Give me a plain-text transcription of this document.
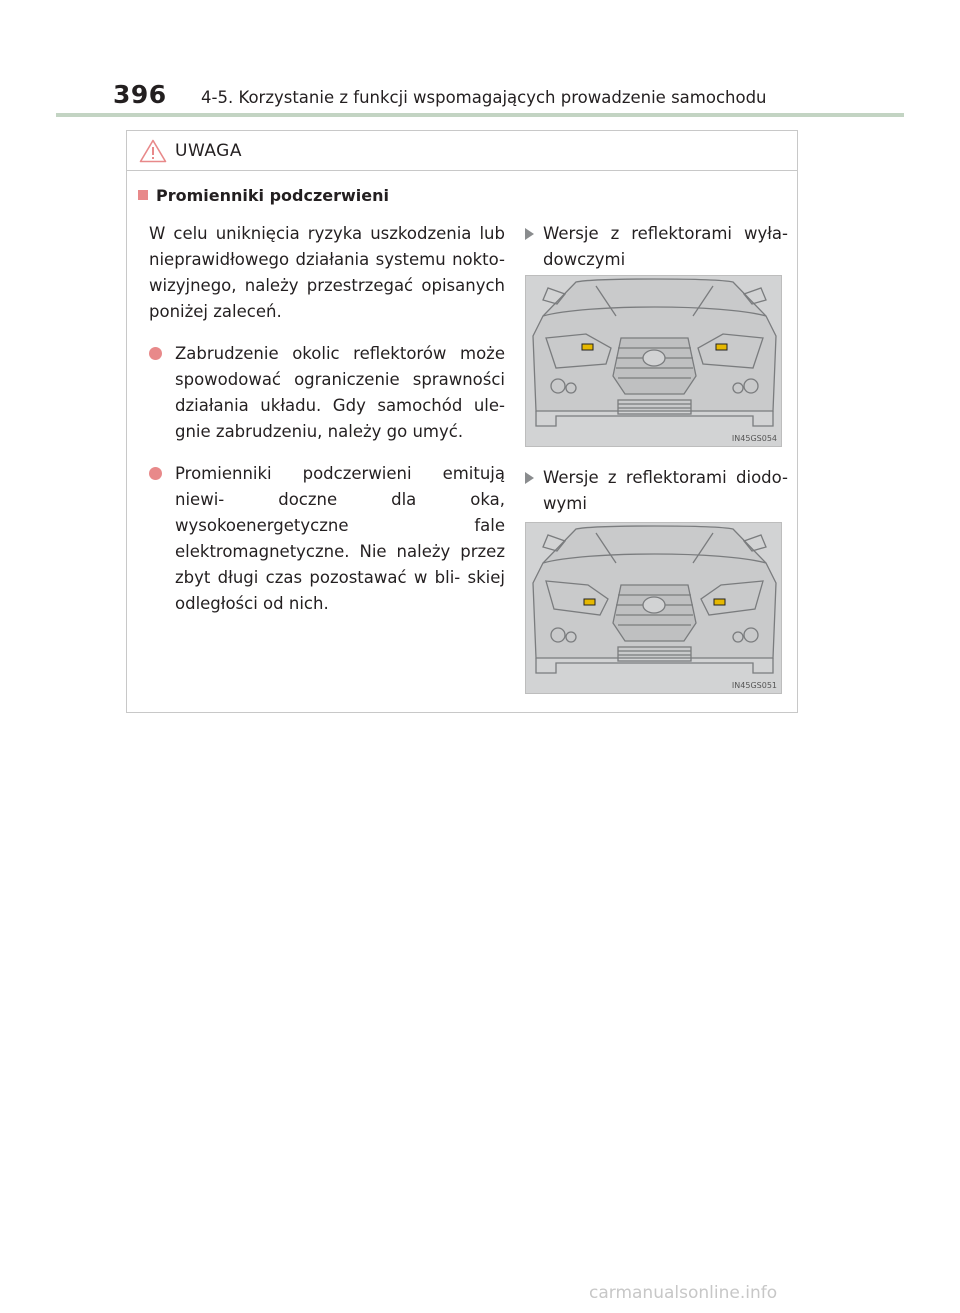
396 4-5. Korzystanie z funkcji wspomagających prowadzenie samochodu
UWAGA
Promienniki podczerwieni

W celu uniknięcia ryzyka uszkodzenia lub nieprawidłowego działania systemu nokto- wizyjnego, należy przestrzegać opisanych poniżej zaleceń.

Zabrudzenie okolic reflektorów może spowodować ograniczenie sprawności działania układu. Gdy samochód ule- gnie zabrudzeniu, należy go umyć.

Promienniki podczerwieni emitują niewi- doczne dla oka, wysokoenergetyczne fale elektromagnetyczne. Nie należy przez zbyt długi czas pozostawać w bli- skiej odległości od nich.

Wersje z reflektorami wyła- dowczymi
IN45GS054
Wersje z reflektorami diodo- wymi
IN45GS051
carmanualsonline.info
